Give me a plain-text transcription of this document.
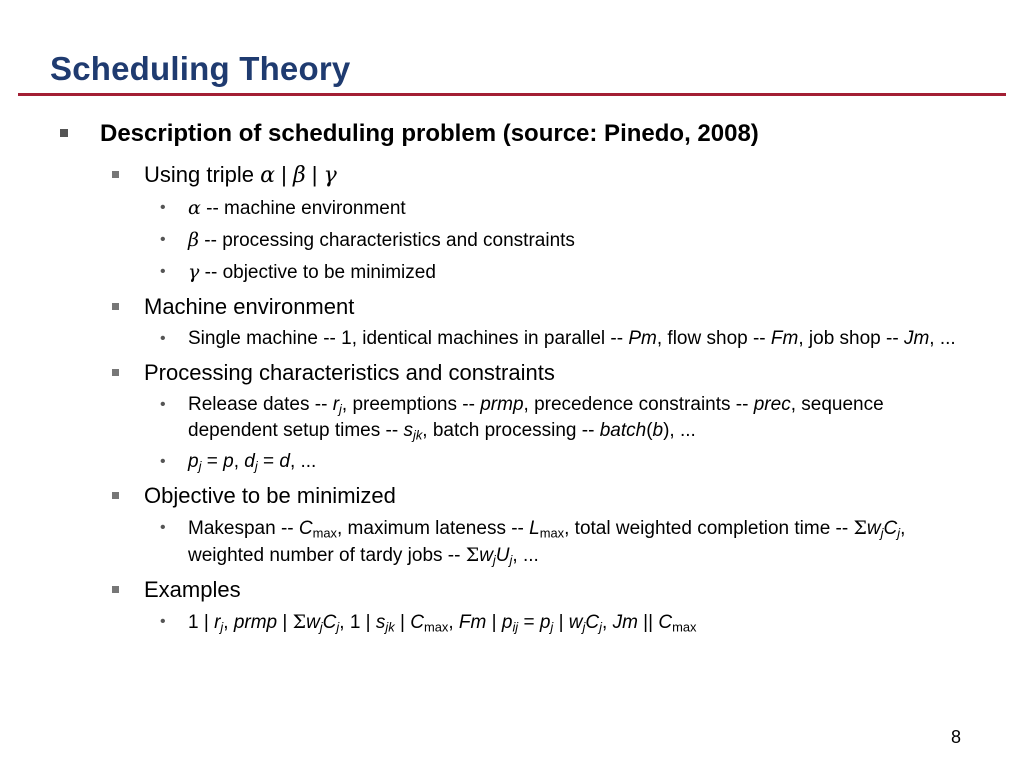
Scheduling Theory
Description of scheduling problem (source: Pinedo, 2008)
Using triple α | β | γ
• α -- machine environment
• β -- processing characteristics and constraints
• γ -- objective to be minimized
Machine environment
• Single machine -- 1, identical machines in parallel -- Pm, flow shop -- Fm, job shop -- Jm, ...
Processing characteristics and constraints
• Release dates -- $r_j$, preemptions -- prmp, precedence constraints -- prec, sequence dependent setup times -- $s_{jk}$, batch processing -- batch(b), ...
• $p_j = p$, $d_j = d$, ...
Objective to be minimized
• Makespan -- $C_{max}$, maximum lateness -- $L_{max}$, total weighted completion time -- $\Sigma w_jC_j$, weighted number of tardy jobs -- $\Sigma w_jU_j$, ...
Examples
• 1 | $r_j$, prmp | $\Sigma w_jC_j$, 1 | $s_{jk}$ | $C_{max}$, Fm | $p_{ij} = p_j$ | $w_jC_j$, Jm || $C_{max}$
8
